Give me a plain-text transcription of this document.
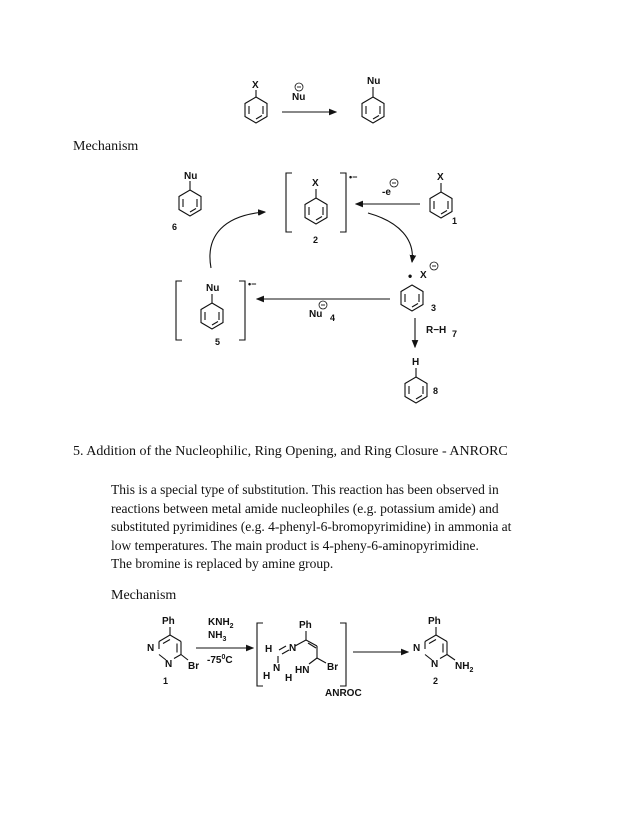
X
Nu
Nu
Nu
6
•−
X
2
-e
X
1
• X
3
Nu 4
•−
Nu
5
R−H 7
H
8
Ph
N
N Br
1
$KNH_2$
$NH_3$
$-75^0C$
Ph
N
H
N
H H
HN Br
ANROC
Ph
N
N $NH_2$
2
Mechanism
5. Addition of the Nucleophilic, Ring Opening, and Ring Closure - ANRORC
This is a special type of substitution. This reaction has been observed in
reactions between metal amide nucleophiles (e.g. potassium amide) and
substituted pyrimidines (e.g. 4-phenyl-6-bromopyrimidine) in ammonia at
low temperatures. The main product is 4-pheny-6-aminopyrimidine.
The bromine is replaced by amine group.
Mechanism
